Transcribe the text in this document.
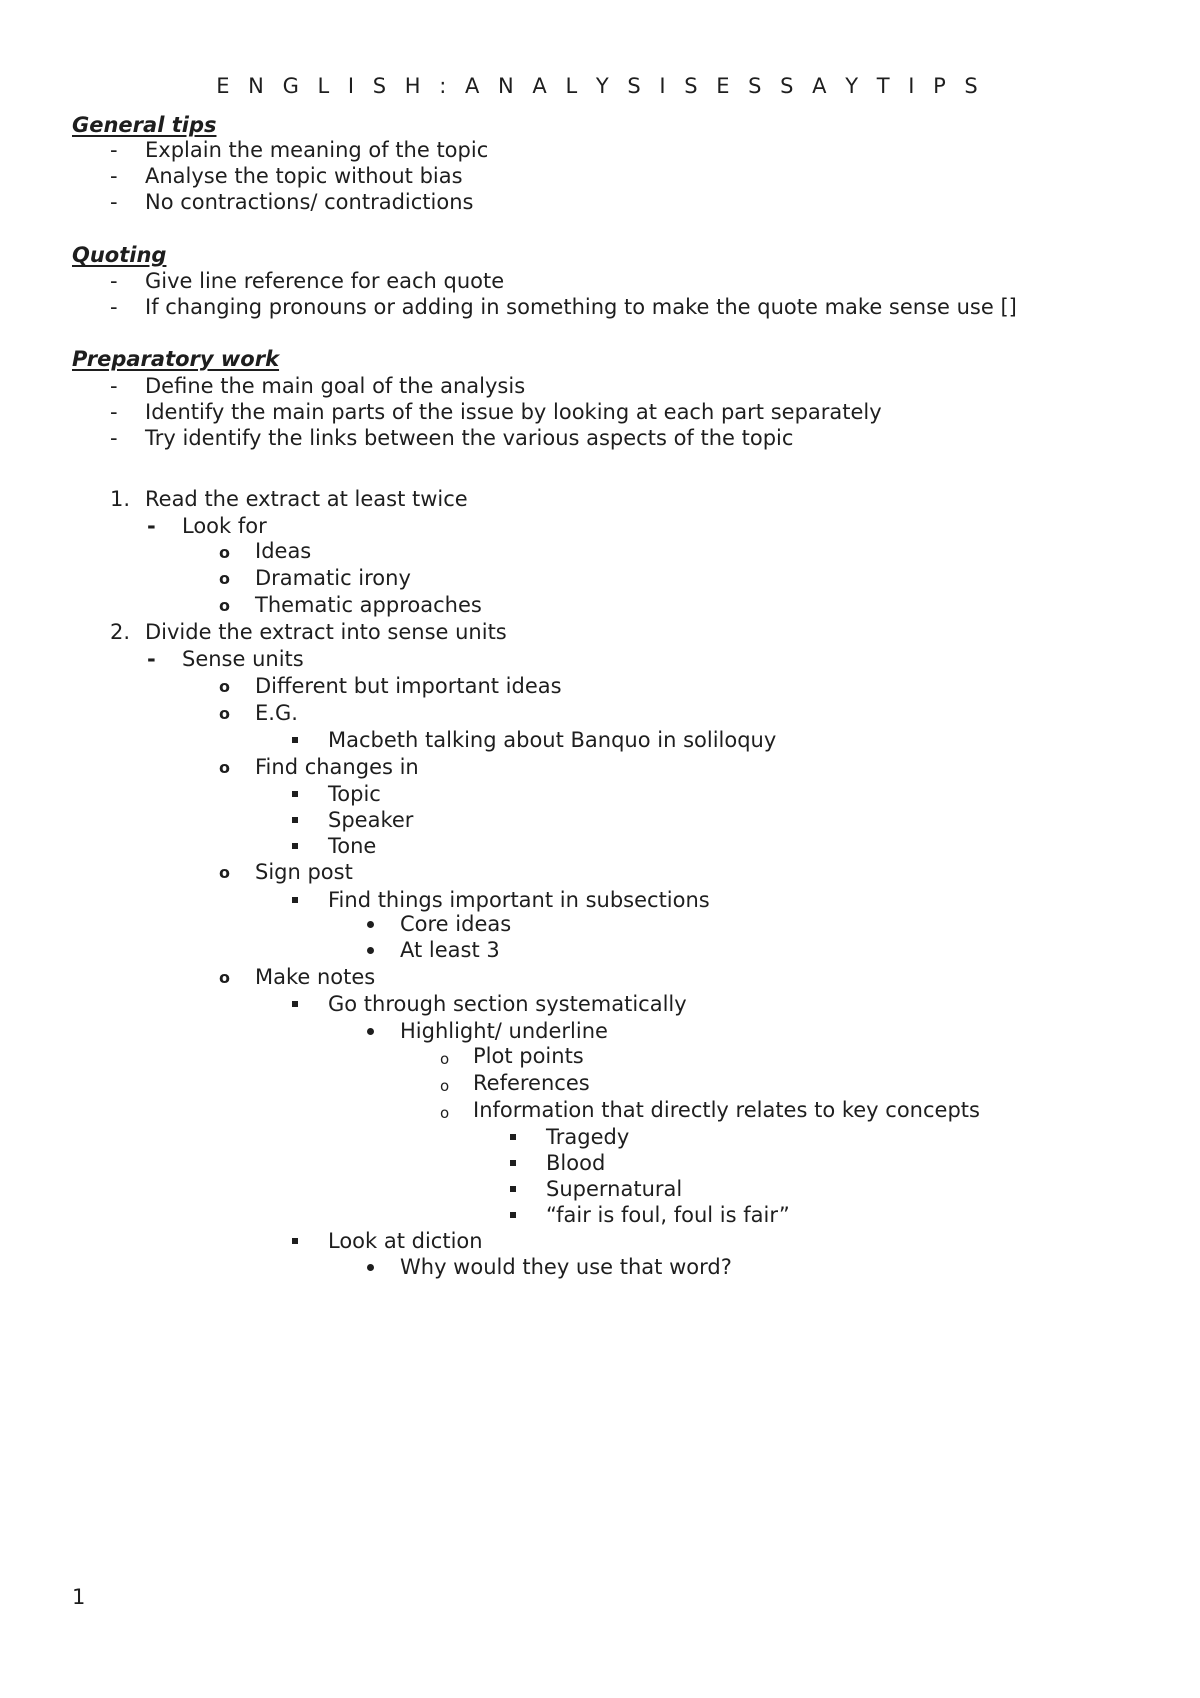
E N G L I S H : A N A L Y S I S E S S A Y T I P S
General tips
-	Explain the meaning of the topic
-	Analyse the topic without bias
-	No contractions/ contradictions
Quoting
-	Give line reference for each quote
-	If changing pronouns or adding in something to make the quote make sense use []
Preparatory work
-	Define the main goal of the analysis
-	Identify the main parts of the issue by looking at each part separately
-	Try identify the links between the various aspects of the topic
1. Read the extract at least twice
- Look for
o Ideas
o Dramatic irony
o Thematic approaches
2. Divide the extract into sense units
- Sense units
o Different but important ideas
o E.G.
Macbeth talking about Banquo in soliloquy
o Find changes in
Topic
Speaker
Tone
o Sign post
Find things important in subsections
Core ideas
At least 3
o Make notes
Go through section systematically
Highlight/ underline
o Plot points
o References
o Information that directly relates to key concepts
Tragedy
Blood
Supernatural
“fair is foul, foul is fair”
Look at diction
Why would they use that word?
1
